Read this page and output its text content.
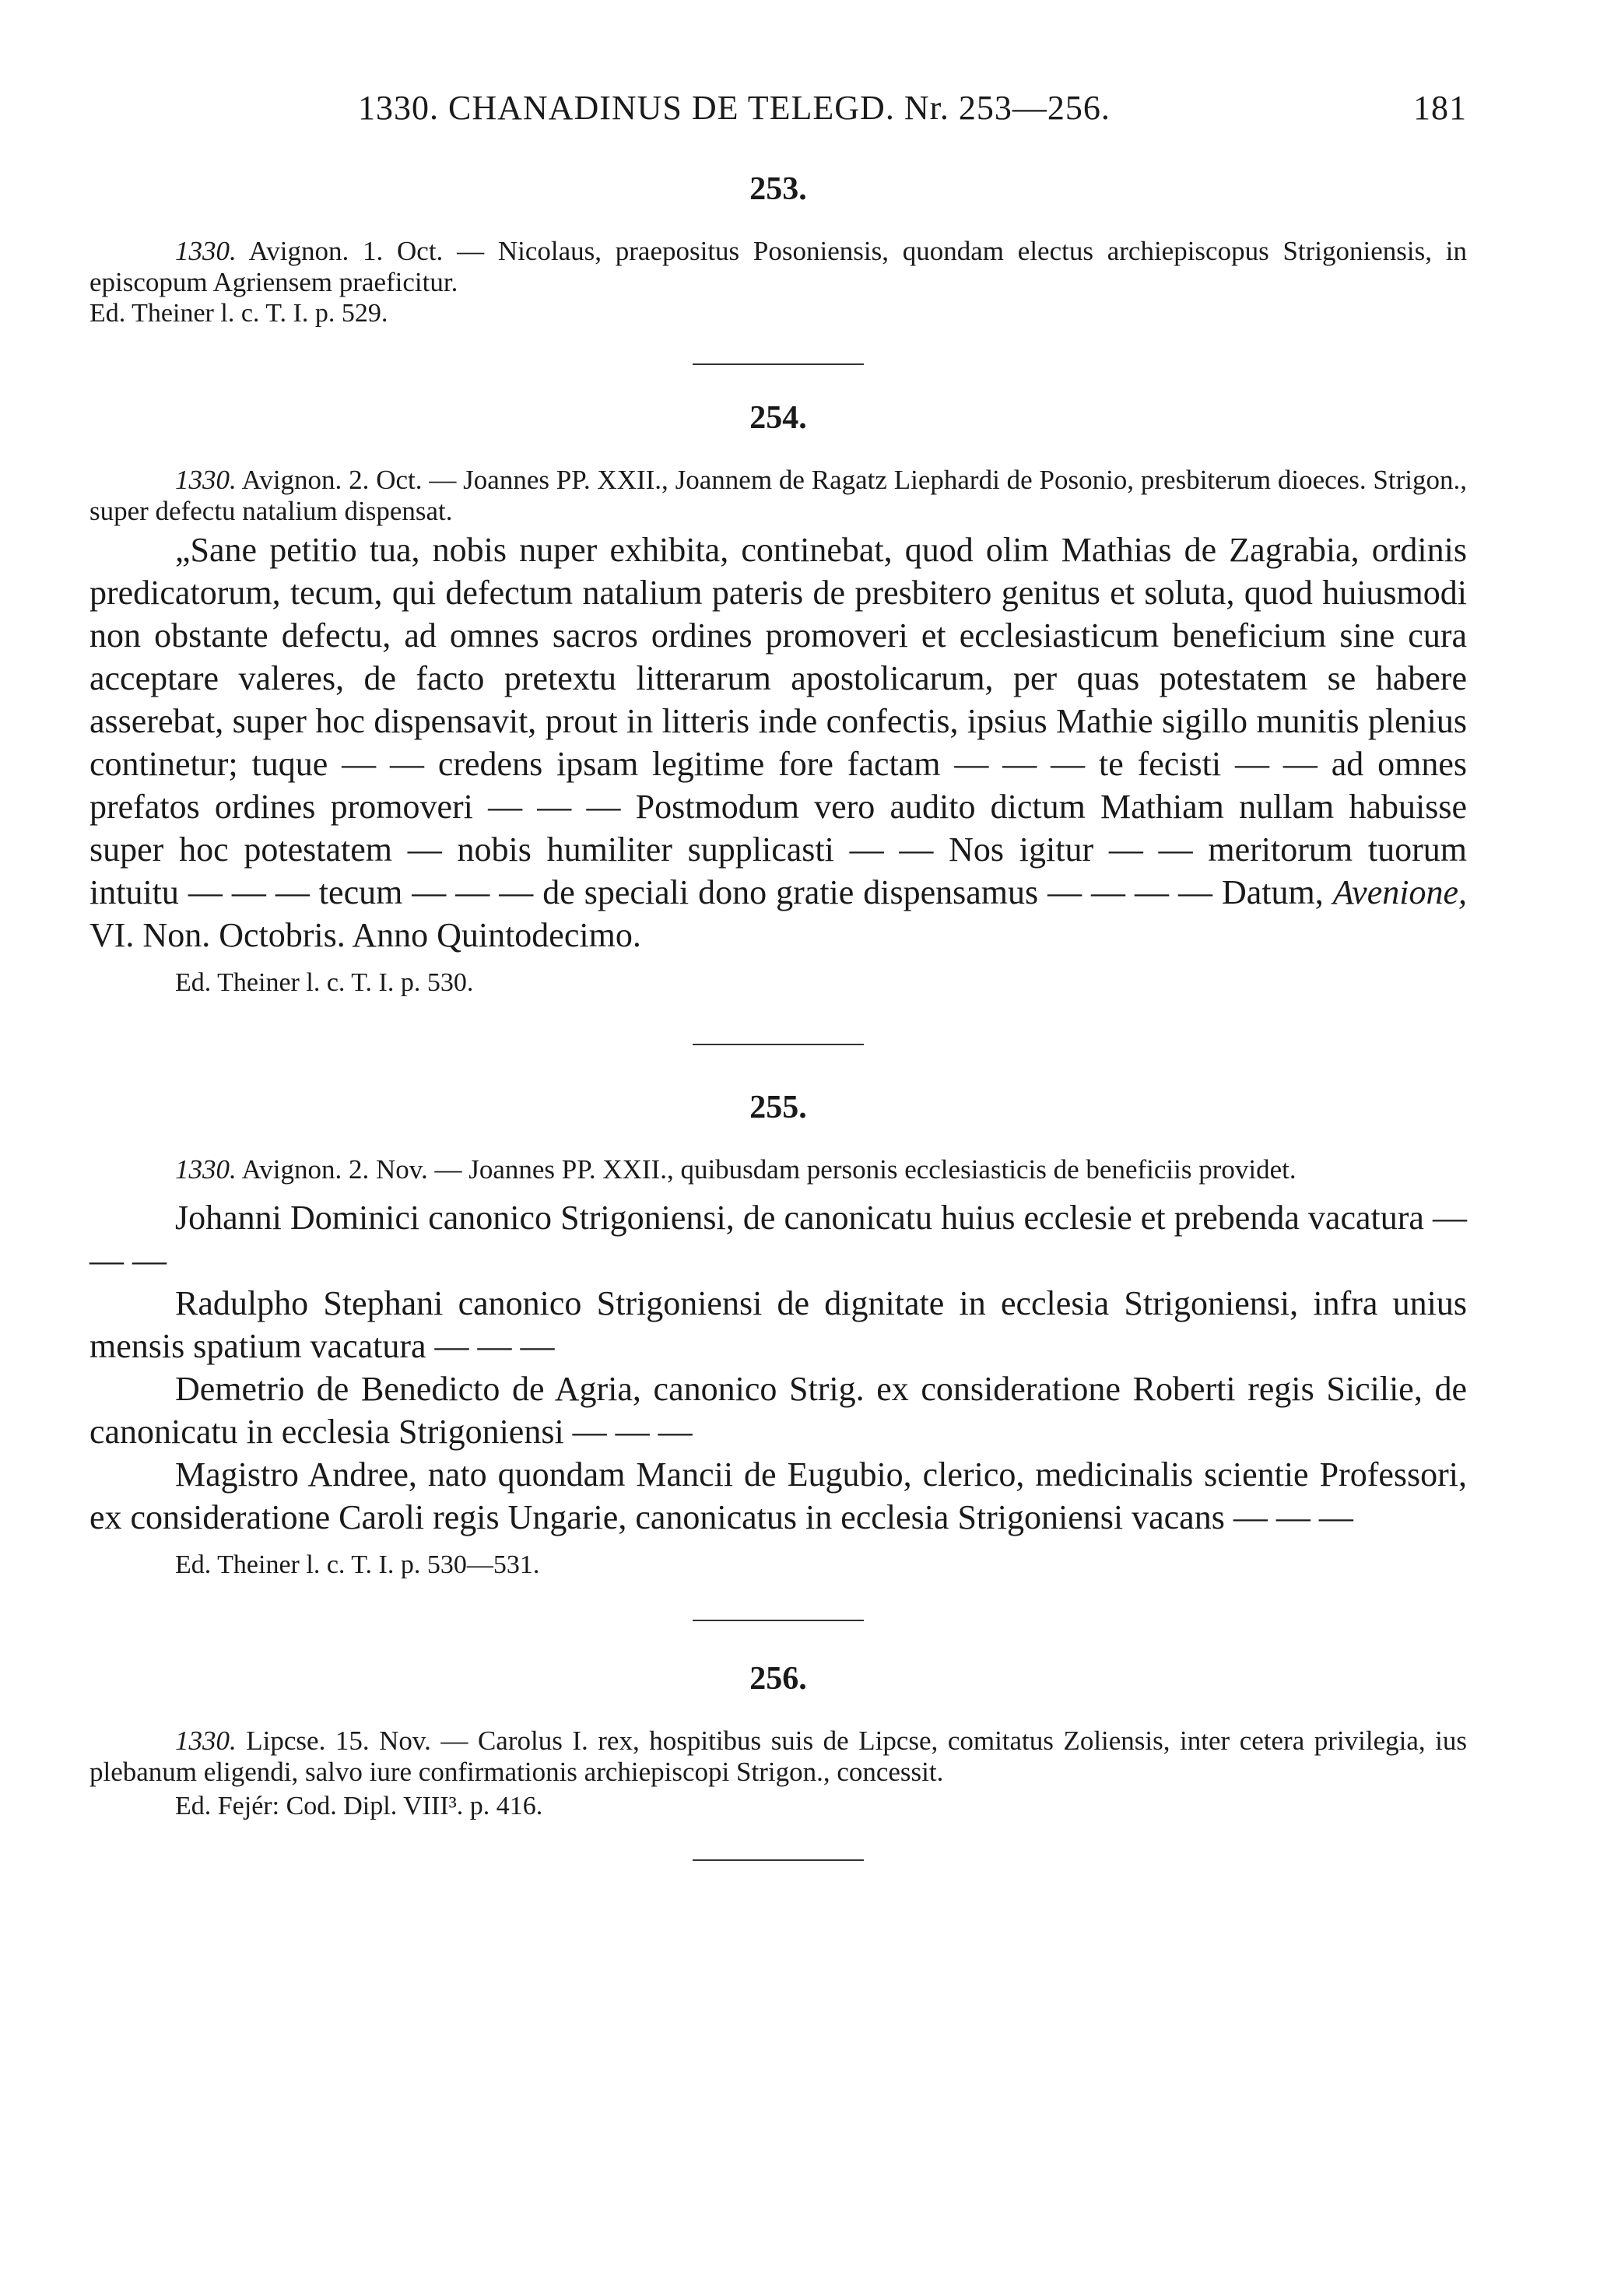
1330. CHANADINUS DE TELEGD. Nr. 253—256.	181
253.

1330. Avignon. 1. Oct. — Nicolaus, praepositus Posoniensis, quondam electus archiepiscopus Strigoniensis, in episcopum Agriensem praeficitur.

Ed. Theiner l. c. T. I. p. 529.

254.

1330. Avignon. 2. Oct. — Joannes PP. XXII., Joannem de Ragatz Liephardi de Posonio, presbiterum dioeces. Strigon., super defectu natalium dispensat.

„Sane petitio tua, nobis nuper exhibita, continebat, quod olim Mathias de Zagrabia, ordinis predicatorum, tecum, qui defectum natalium pateris de presbitero genitus et soluta, quod huiusmodi non obstante defectu, ad omnes sacros ordines promoveri et ecclesiasticum beneficium sine cura acceptare valeres, de facto pretextu litterarum apostolicarum, per quas potestatem se habere asserebat, super hoc dispensavit, prout in litteris inde confectis, ipsius Mathie sigillo munitis plenius continetur; tuque — — credens ipsam legitime fore factam — — — te fecisti — — ad omnes prefatos ordines promoveri — — — Postmodum vero audito dictum Mathiam nullam habuisse super hoc potestatem — nobis humiliter supplicasti — — Nos igitur — — meritorum tuorum intuitu — — — tecum — — — de speciali dono gratie dispensamus — — — — Datum, Avenione, VI. Non. Octobris. Anno Quintodecimo.

Ed. Theiner l. c. T. I. p. 530.

255.

1330. Avignon. 2. Nov. — Joannes PP. XXII., quibusdam personis ecclesiasticis de beneficiis providet.

Johanni Dominici canonico Strigoniensi, de canonicatu huius ecclesie et prebenda vacatura — — —

Radulpho Stephani canonico Strigoniensi de dignitate in ecclesia Strigoniensi, infra unius mensis spatium vacatura — — —

Demetrio de Benedicto de Agria, canonico Strig. ex consideratione Roberti regis Sicilie, de canonicatu in ecclesia Strigoniensi — — —

Magistro Andree, nato quondam Mancii de Eugubio, clerico, medicinalis scientie Professori, ex consideratione Caroli regis Ungarie, canonicatus in ecclesia Strigoniensi vacans — — —

Ed. Theiner l. c. T. I. p. 530—531.

256.

1330. Lipcse. 15. Nov. — Carolus I. rex, hospitibus suis de Lipcse, comitatus Zoliensis, inter cetera privilegia, ius plebanum eligendi, salvo iure confirmationis archiepiscopi Strigon., concessit.

Ed. Fejér: Cod. Dipl. VIII³. p. 416.
